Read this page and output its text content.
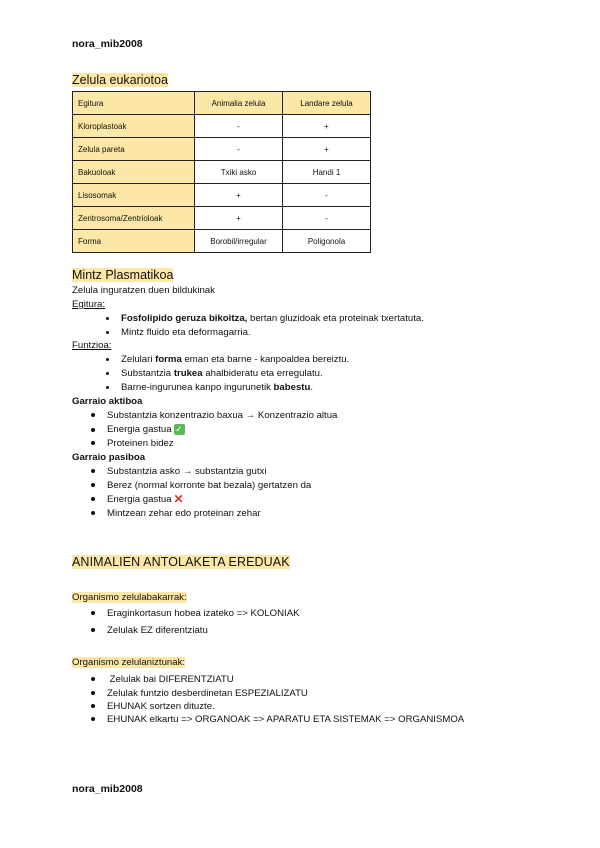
nora_mib2008
Zelula eukariotoa
Egitura	Animalia zelula	Landare zelula
Kloroplastoak	-	+
Zelula pareta	-	+
Bakuoloak	Txiki asko	Handi 1
Lisosomak	+	-
Zentrosoma/Zentrioloak	+	-
Forma	Borobil/irregular	Poligonola
Mintz Plasmatikoa
Zelula inguratzen duen bildukinak
Egitura:
Fosfolipido geruza bikoitza, bertan gluzidoak eta proteinak txertatuta.
Mintz fluido eta deformagarria.
Funtzioa:
Zelulari forma eman eta barne - kanpoaldea bereiztu.
Substantzia trukea ahalbideratu eta erregulatu.
Barne-ingurunea kanpo ingurunetik babestu.
Garraio aktiboa
Substantzia konzentrazio baxua → Konzentrazio altua
Energia gastua ✓
Proteinen bidez
Garraio pasiboa
Substantzia asko → substantzia gutxi
Berez (normal korronte bat bezala) gertatzen da
Energia gastua ✕
Mintzean zehar edo proteinan zehar
ANIMALIEN ANTOLAKETA EREDUAK
Organismo zelulabakarrak:
Eraginkortasun hobea izateko => KOLONIAK
Zelulak EZ diferentziatu
Organismo zelulaniztunak:
Zelulak bai DIFERENTZIATU
Zelulak funtzio desberdinetan ESPEZIALIZATU
EHUNAK sortzen dituzte.
EHUNAK elkartu => ORGANOAK => APARATU ETA SISTEMAK => ORGANISMOA
nora_mib2008
